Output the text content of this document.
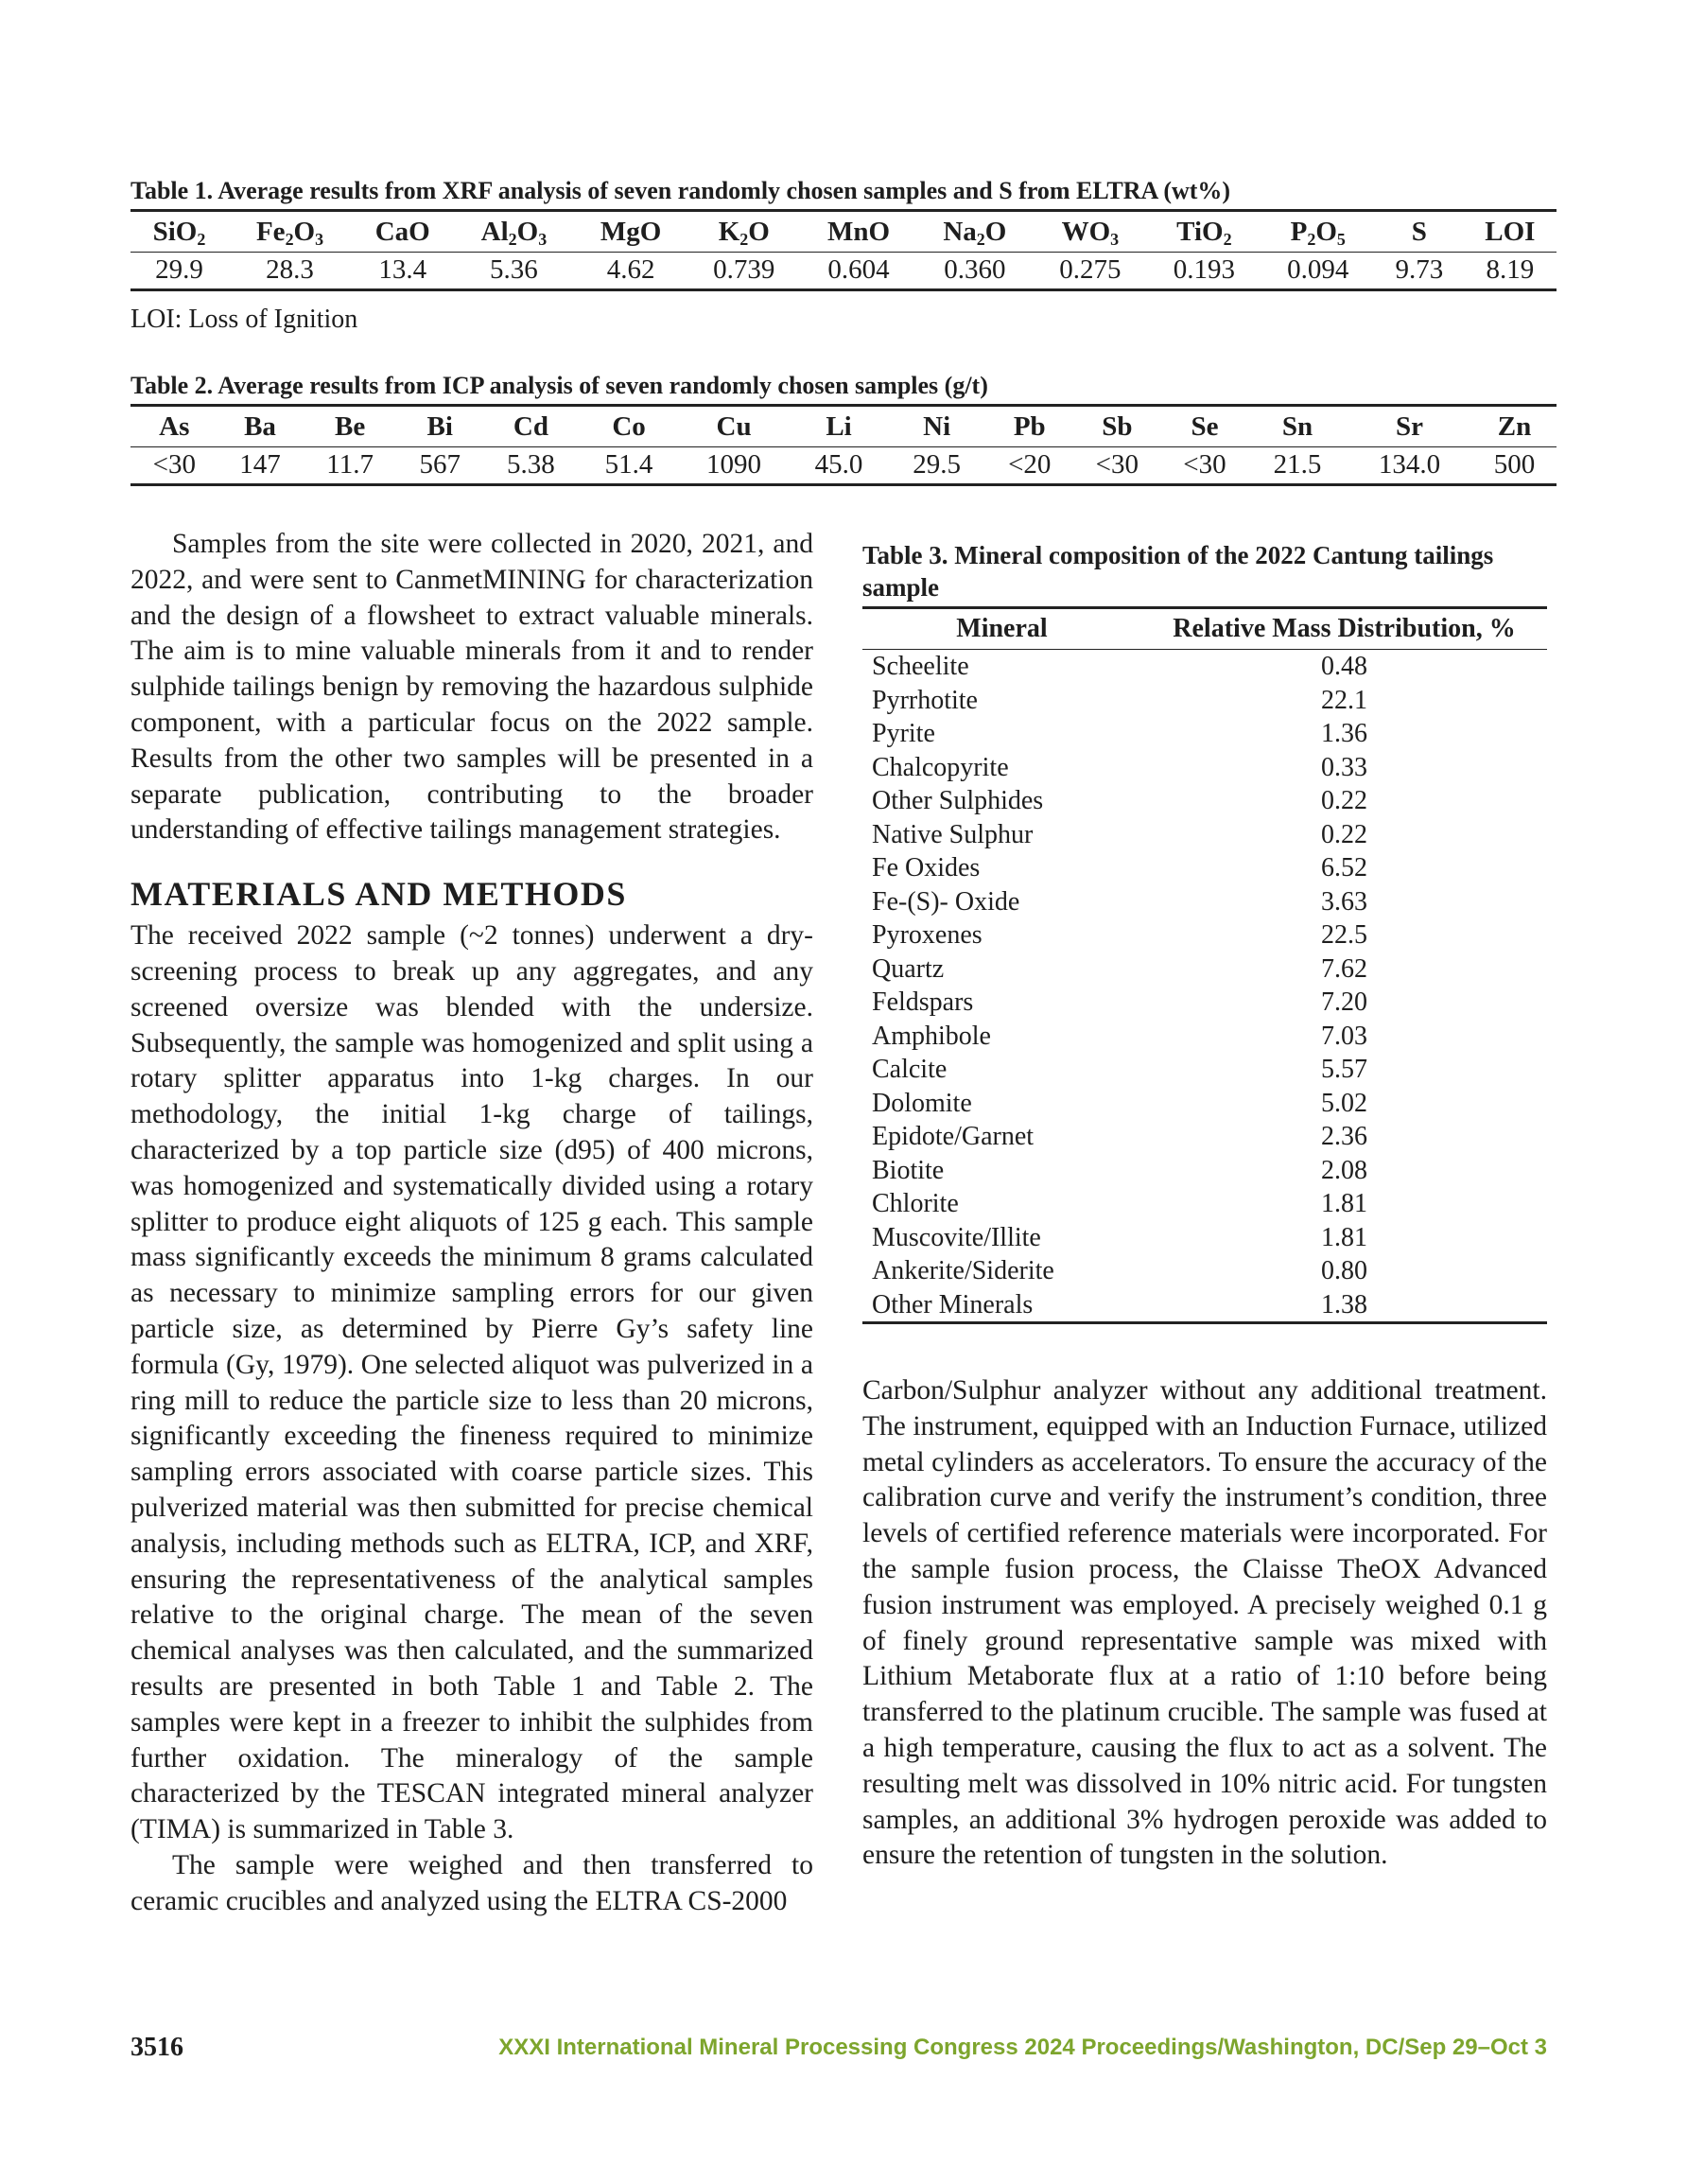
Table 1. Average results from XRF analysis of seven randomly chosen samples and S from ELTRA (wt%)
SiO$_2$	$Fe_2O_3$	CaO	$Al_2O_3$	MgO	$K_2O$	MnO	$Na_2O$	$WO_3$	TiO$_2$	$P_2O_5$	S	LOI
29.9	28.3	13.4	5.36	4.62	0.739	0.604	0.360	0.275	0.193	0.094	9.73	8.19
LOI: Loss of Ignition
Table 2. Average results from ICP analysis of seven randomly chosen samples (g/t)
As	Ba	Be	Bi	Cd	Co	Cu	Li	Ni	Pb	Sb	Se	Sn	Sr	Zn
<30	147	11.7	567	5.38	51.4	1090	45.0	29.5	<20	<30	<30	21.5	134.0	500

Samples from the site were collected in 2020, 2021, and 2022, and were sent to CanmetMINING for characterization and the design of a flowsheet to extract valuable minerals. The aim is to mine valuable minerals from it and to render sulphide tailings benign by removing the hazardous sulphide component, with a particular focus on the 2022 sample. Results from the other two samples will be presented in a separate publication, contributing to the broader understanding of effective tailings management strategies.

MATERIALS AND METHODS

The received 2022 sample (~2 tonnes) underwent a dry-screening process to break up any aggregates, and any screened oversize was blended with the undersize. Subsequently, the sample was homogenized and split using a rotary splitter apparatus into 1-kg charges. In our methodology, the initial 1-kg charge of tailings, characterized by a top particle size (d95) of 400 microns, was homogenized and systematically divided using a rotary splitter to produce eight aliquots of 125 g each. This sample mass significantly exceeds the minimum 8 grams calculated as necessary to minimize sampling errors for our given particle size, as determined by Pierre Gy’s safety line formula (Gy, 1979). One selected aliquot was pulverized in a ring mill to reduce the particle size to less than 20 microns, significantly exceeding the fineness required to minimize sampling errors associated with coarse particle sizes. This pulverized material was then submitted for precise chemical analysis, including methods such as ELTRA, ICP, and XRF, ensuring the representativeness of the analytical samples relative to the original charge. The mean of the seven chemical analyses was then calculated, and the summarized results are presented in both Table 1 and Table 2. The samples were kept in a freezer to inhibit the sulphides from further oxidation. The mineralogy of the sample characterized by the TESCAN integrated mineral analyzer (TIMA) is summarized in Table 3.

The sample were weighed and then transferred to ceramic crucibles and analyzed using the ELTRA CS-2000

Table 3. Mineral composition of the 2022 Cantung tailings sample
Mineral	Relative Mass Distribution, %
Scheelite	0.48
Pyrrhotite	22.1
Pyrite	1.36
Chalcopyrite	0.33
Other Sulphides	0.22
Native Sulphur	0.22
Fe Oxides	6.52
Fe-(S)- Oxide	3.63
Pyroxenes	22.5
Quartz	7.62
Feldspars	7.20
Amphibole	7.03
Calcite	5.57
Dolomite	5.02
Epidote/Garnet	2.36
Biotite	2.08
Chlorite	1.81
Muscovite/Illite	1.81
Ankerite/Siderite	0.80
Other Minerals	1.38

Carbon/Sulphur analyzer without any additional treatment. The instrument, equipped with an Induction Furnace, utilized metal cylinders as accelerators. To ensure the accuracy of the calibration curve and verify the instrument’s condition, three levels of certified reference materials were incorporated. For the sample fusion process, the Claisse TheOX Advanced fusion instrument was employed. A precisely weighed 0.1 g of finely ground representative sample was mixed with Lithium Metaborate flux at a ratio of 1:10 before being transferred to the platinum crucible. The sample was fused at a high temperature, causing the flux to act as a solvent. The resulting melt was dissolved in 10% nitric acid. For tungsten samples, an additional 3% hydrogen peroxide was added to ensure the retention of tungsten in the solution.

3516	XXXI International Mineral Processing Congress 2024 Proceedings/Washington, DC/Sep 29–Oct 3
